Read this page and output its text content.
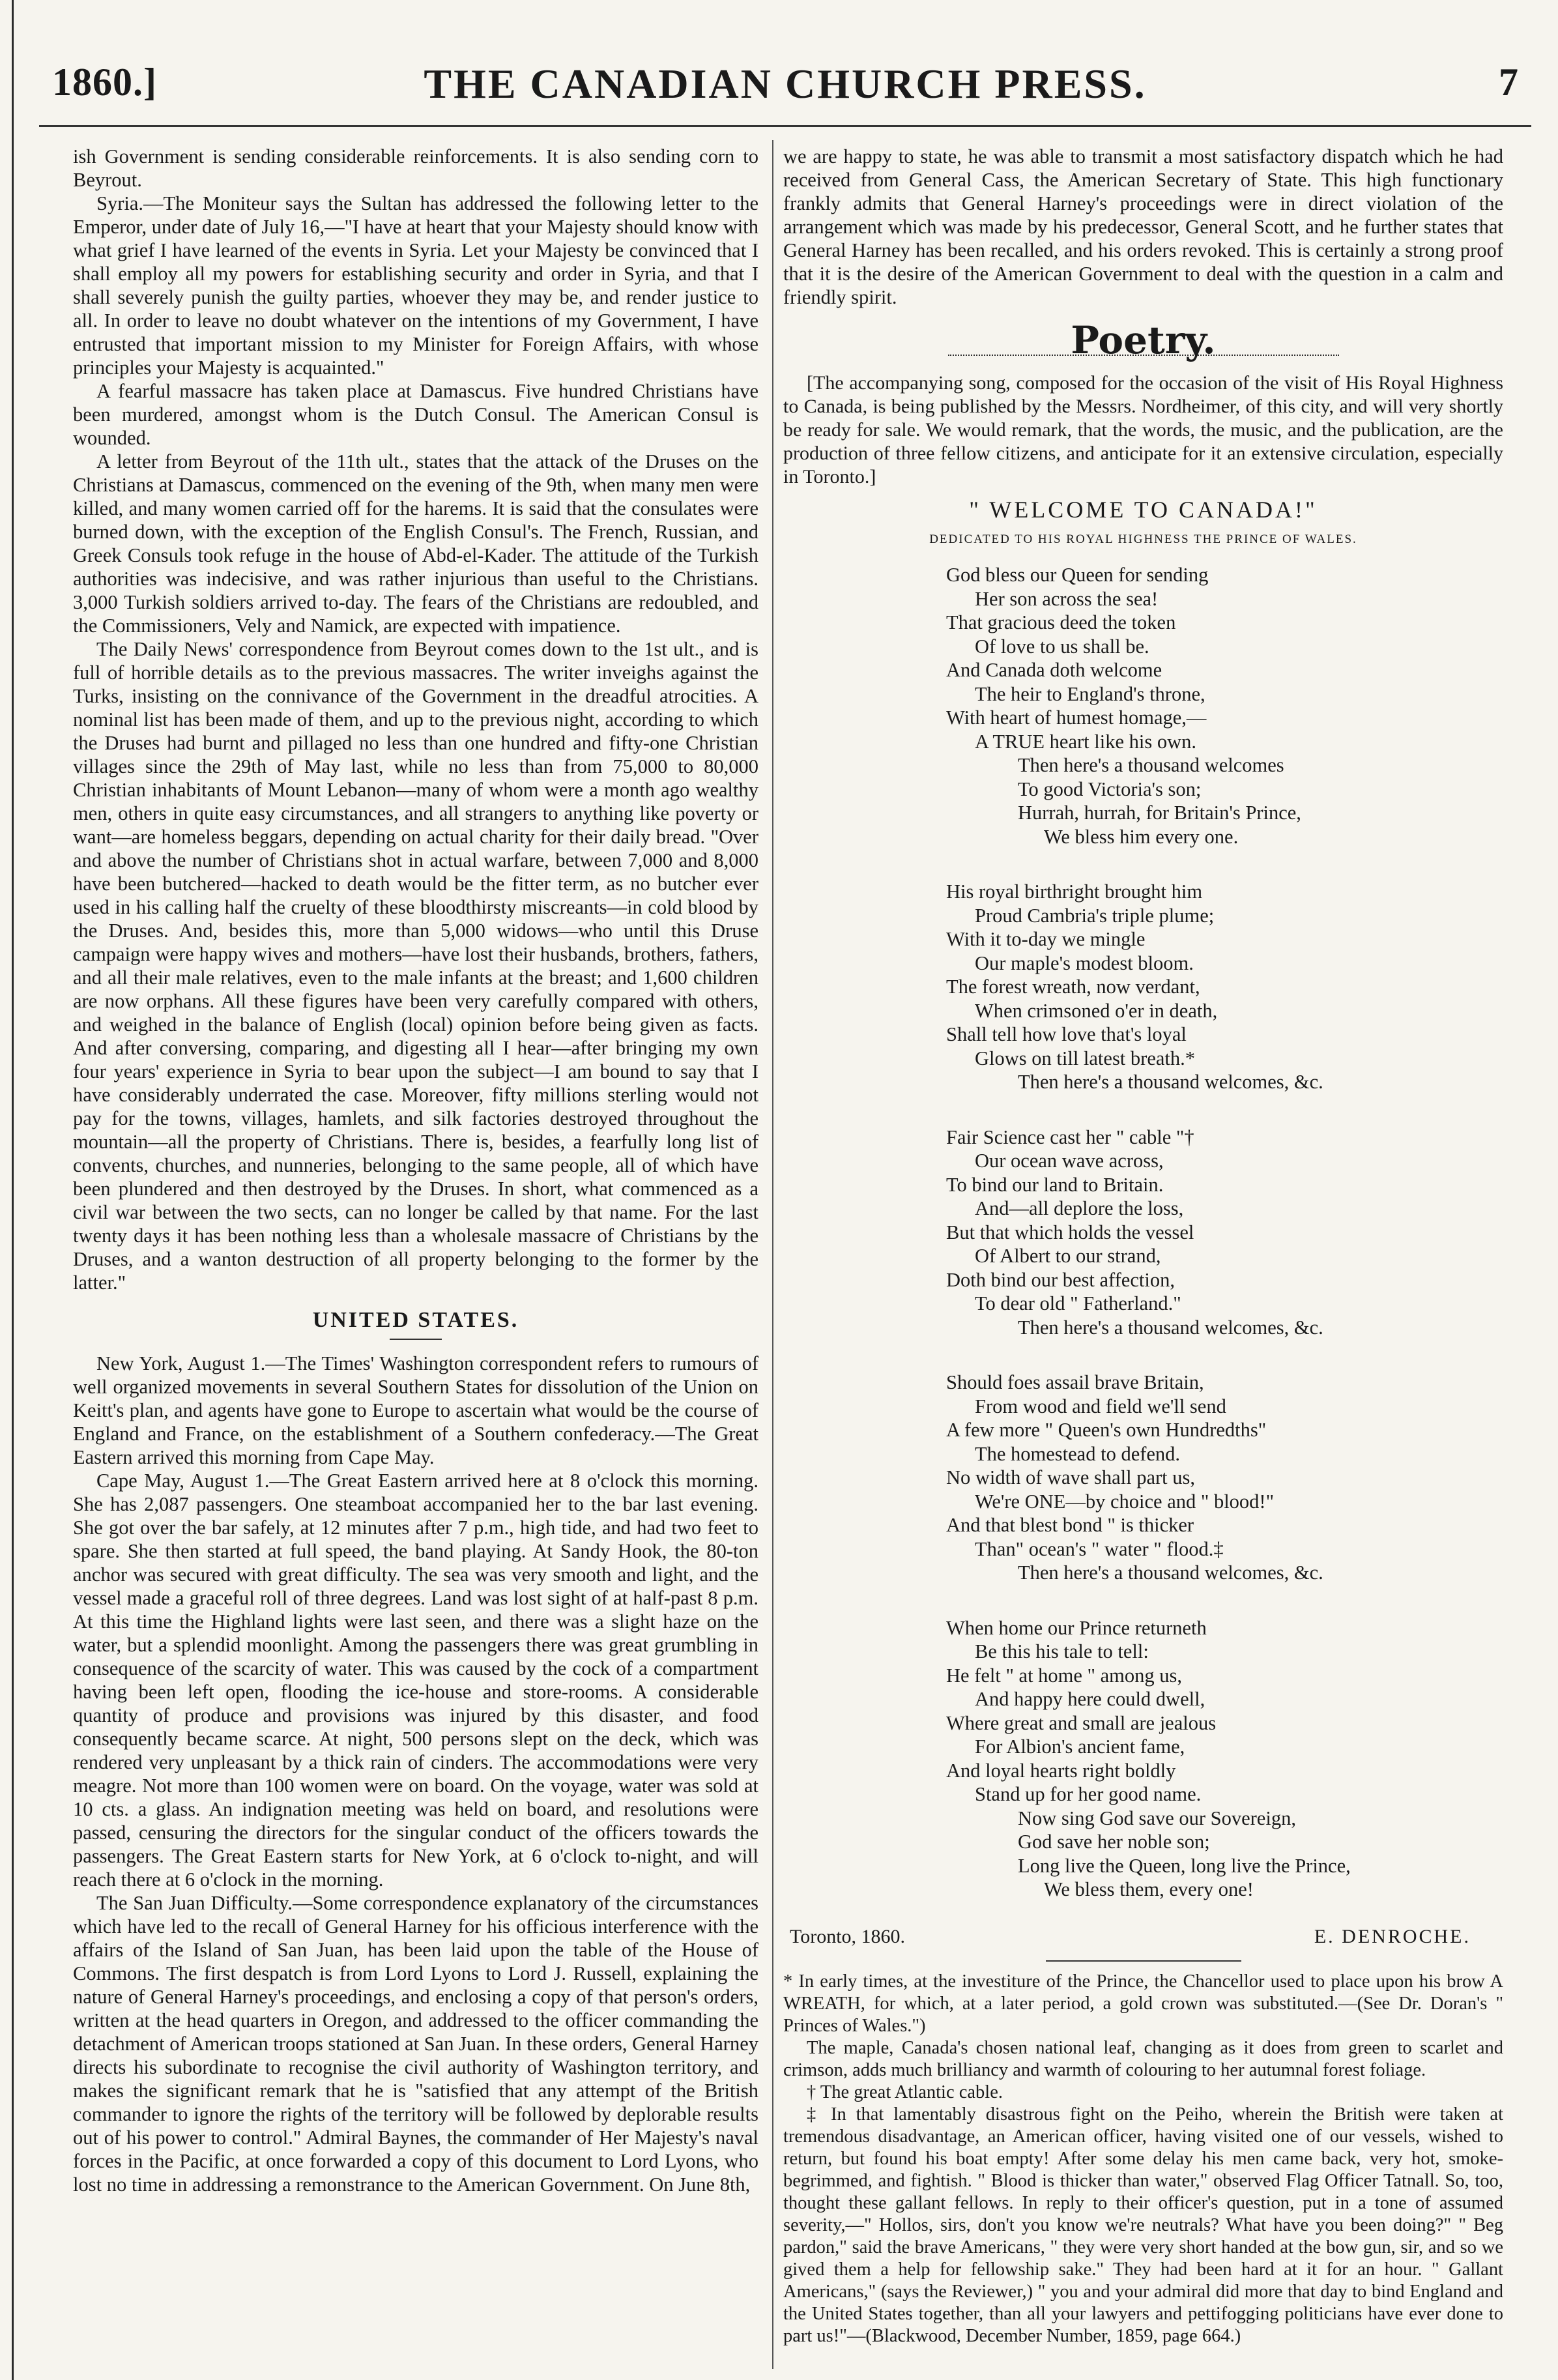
1860.]	THE CANADIAN CHURCH PRESS.	7

ish Government is sending considerable reinforcements. It is also sending corn to Beyrout.

Syria.—The Moniteur says the Sultan has addressed the following letter to the Emperor, under date of July 16,—"I have at heart that your Majesty should know with what grief I have learned of the events in Syria. Let your Majesty be convinced that I shall employ all my powers for establishing security and order in Syria, and that I shall severely punish the guilty parties, whoever they may be, and render justice to all. In order to leave no doubt whatever on the intentions of my Government, I have entrusted that important mission to my Minister for Foreign Affairs, with whose principles your Majesty is acquainted."

A fearful massacre has taken place at Damascus. Five hundred Christians have been murdered, amongst whom is the Dutch Consul. The American Consul is wounded.

A letter from Beyrout of the 11th ult., states that the attack of the Druses on the Christians at Damascus, commenced on the evening of the 9th, when many men were killed, and many women carried off for the harems. It is said that the consulates were burned down, with the exception of the English Consul's. The French, Russian, and Greek Consuls took refuge in the house of Abd-el-Kader. The attitude of the Turkish authorities was indecisive, and was rather injurious than useful to the Christians. 3,000 Turkish soldiers arrived to-day. The fears of the Christians are redoubled, and the Commissioners, Vely and Namick, are expected with impatience.

The Daily News' correspondence from Beyrout comes down to the 1st ult., and is full of horrible details as to the previous massacres. The writer inveighs against the Turks, insisting on the connivance of the Government in the dreadful atrocities. A nominal list has been made of them, and up to the previous night, according to which the Druses had burnt and pillaged no less than one hundred and fifty-one Christian villages since the 29th of May last, while no less than from 75,000 to 80,000 Christian inhabitants of Mount Lebanon—many of whom were a month ago wealthy men, others in quite easy circumstances, and all strangers to anything like poverty or want—are homeless beggars, depending on actual charity for their daily bread. "Over and above the number of Christians shot in actual warfare, between 7,000 and 8,000 have been butchered—hacked to death would be the fitter term, as no butcher ever used in his calling half the cruelty of these bloodthirsty miscreants—in cold blood by the Druses. And, besides this, more than 5,000 widows—who until this Druse campaign were happy wives and mothers—have lost their husbands, brothers, fathers, and all their male relatives, even to the male infants at the breast; and 1,600 children are now orphans. All these figures have been very carefully compared with others, and weighed in the balance of English (local) opinion before being given as facts. And after conversing, comparing, and digesting all I hear—after bringing my own four years' experience in Syria to bear upon the subject—I am bound to say that I have considerably underrated the case. Moreover, fifty millions sterling would not pay for the towns, villages, hamlets, and silk factories destroyed throughout the mountain—all the property of Christians. There is, besides, a fearfully long list of convents, churches, and nunneries, belonging to the same people, all of which have been plundered and then destroyed by the Druses. In short, what commenced as a civil war between the two sects, can no longer be called by that name. For the last twenty days it has been nothing less than a wholesale massacre of Christians by the Druses, and a wanton destruction of all property belonging to the former by the latter."

UNITED STATES.

New York, August 1.—The Times' Washington correspondent refers to rumours of well organized movements in several Southern States for dissolution of the Union on Keitt's plan, and agents have gone to Europe to ascertain what would be the course of England and France, on the establishment of a Southern confederacy.—The Great Eastern arrived this morning from Cape May.

Cape May, August 1.—The Great Eastern arrived here at 8 o'clock this morning. She has 2,087 passengers. One steamboat accompanied her to the bar last evening. She got over the bar safely, at 12 minutes after 7 p.m., high tide, and had two feet to spare. She then started at full speed, the band playing. At Sandy Hook, the 80-ton anchor was secured with great difficulty. The sea was very smooth and light, and the vessel made a graceful roll of three degrees. Land was lost sight of at half-past 8 p.m. At this time the Highland lights were last seen, and there was a slight haze on the water, but a splendid moonlight. Among the passengers there was great grumbling in consequence of the scarcity of water. This was caused by the cock of a compartment having been left open, flooding the ice-house and store-rooms. A considerable quantity of produce and provisions was injured by this disaster, and food consequently became scarce. At night, 500 persons slept on the deck, which was rendered very unpleasant by a thick rain of cinders. The accommodations were very meagre. Not more than 100 women were on board. On the voyage, water was sold at 10 cts. a glass. An indignation meeting was held on board, and resolutions were passed, censuring the directors for the singular conduct of the officers towards the passengers. The Great Eastern starts for New York, at 6 o'clock to-night, and will reach there at 6 o'clock in the morning.

The San Juan Difficulty.—Some correspondence explanatory of the circumstances which have led to the recall of General Harney for his officious interference with the affairs of the Island of San Juan, has been laid upon the table of the House of Commons. The first despatch is from Lord Lyons to Lord J. Russell, explaining the nature of General Harney's proceedings, and enclosing a copy of that person's orders, written at the head quarters in Oregon, and addressed to the officer commanding the detachment of American troops stationed at San Juan. In these orders, General Harney directs his subordinate to recognise the civil authority of Washington territory, and makes the significant remark that he is "satisfied that any attempt of the British commander to ignore the rights of the territory will be followed by deplorable results out of his power to control." Admiral Baynes, the commander of Her Majesty's naval forces in the Pacific, at once forwarded a copy of this document to Lord Lyons, who lost no time in addressing a remonstrance to the American Government. On June 8th,

we are happy to state, he was able to transmit a most satisfactory dispatch which he had received from General Cass, the American Secretary of State. This high functionary frankly admits that General Harney's proceedings were in direct violation of the arrangement which was made by his predecessor, General Scott, and he further states that General Harney has been recalled, and his orders revoked. This is certainly a strong proof that it is the desire of the American Government to deal with the question in a calm and friendly spirit.

Poetry.

[The accompanying song, composed for the occasion of the visit of His Royal Highness to Canada, is being published by the Messrs. Nordheimer, of this city, and will very shortly be ready for sale. We would remark, that the words, the music, and the publication, are the production of three fellow citizens, and anticipate for it an extensive circulation, especially in Toronto.]

" WELCOME TO CANADA!"
DEDICATED TO HIS ROYAL HIGHNESS THE PRINCE OF WALES.
God bless our Queen for sending
Her son across the sea!
That gracious deed the token
Of love to us shall be.
And Canada doth welcome
The heir to England's throne,
With heart of humest homage,—
A TRUE heart like his own.
Then here's a thousand welcomes
To good Victoria's son;
Hurrah, hurrah, for Britain's Prince,
We bless him every one.
His royal birthright brought him
Proud Cambria's triple plume;
With it to-day we mingle
Our maple's modest bloom.
The forest wreath, now verdant,
When crimsoned o'er in death,
Shall tell how love that's loyal
Glows on till latest breath.*
Then here's a thousand welcomes, &c.
Fair Science cast her " cable "†
Our ocean wave across,
To bind our land to Britain.
And—all deplore the loss,
But that which holds the vessel
Of Albert to our strand,
Doth bind our best affection,
To dear old " Fatherland."
Then here's a thousand welcomes, &c.
Should foes assail brave Britain,
From wood and field we'll send
A few more " Queen's own Hundredths"
The homestead to defend.
No width of wave shall part us,
We're ONE—by choice and " blood!"
And that blest bond " is thicker
Than" ocean's " water " flood.‡
Then here's a thousand welcomes, &c.
When home our Prince returneth
Be this his tale to tell:
He felt " at home " among us,
And happy here could dwell,
Where great and small are jealous
For Albion's ancient fame,
And loyal hearts right boldly
Stand up for her good name.
Now sing God save our Sovereign,
God save her noble son;
Long live the Queen, long live the Prince,
We bless them, every one!
Toronto, 1860.	E. DENROCHE.

* In early times, at the investiture of the Prince, the Chancellor used to place upon his brow A WREATH, for which, at a later period, a gold crown was substituted.—(See Dr. Doran's " Princes of Wales.")

The maple, Canada's chosen national leaf, changing as it does from green to scarlet and crimson, adds much brilliancy and warmth of colouring to her autumnal forest foliage.

† The great Atlantic cable.

‡ In that lamentably disastrous fight on the Peiho, wherein the British were taken at tremendous disadvantage, an American officer, having visited one of our vessels, wished to return, but found his boat empty! After some delay his men came back, very hot, smoke-begrimmed, and fightish. " Blood is thicker than water," observed Flag Officer Tatnall. So, too, thought these gallant fellows. In reply to their officer's question, put in a tone of assumed severity,—" Hollos, sirs, don't you know we're neutrals? What have you been doing?" " Beg pardon," said the brave Americans, " they were very short handed at the bow gun, sir, and so we gived them a help for fellowship sake." They had been hard at it for an hour. " Gallant Americans," (says the Reviewer,) " you and your admiral did more that day to bind England and the United States together, than all your lawyers and pettifogging politicians have ever done to part us!"—(Blackwood, December Number, 1859, page 664.)
